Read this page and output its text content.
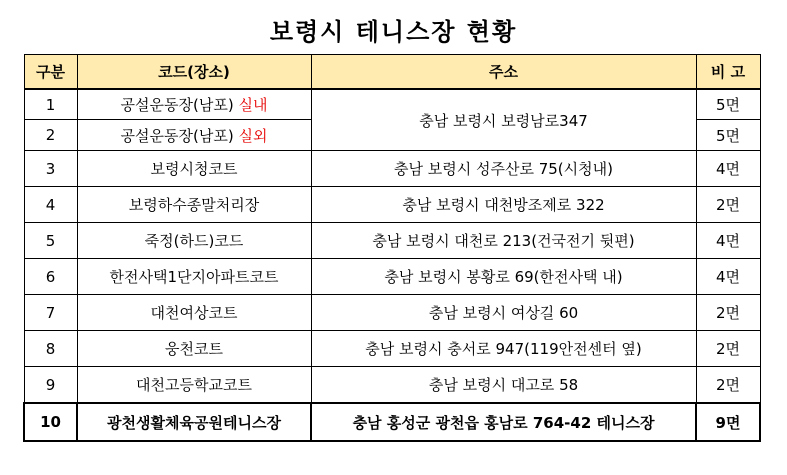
보령시 테니스장 현황
구분	코드(장소)	주소	비 고
1	공설운동장(남포) 실내	충남 보령시 보령남로347	5면
2	공설운동장(남포) 실외		5면
3	보령시청코트	충남 보령시 성주산로 75(시청내)	4면
4	보령하수종말처리장	충남 보령시 대천방조제로 322	2면
5	죽정(하드)코드	충남 보령시 대천로 213(건국전기 뒷편)	4면
6	한전사택1단지아파트코트	충남 보령시 봉황로 69(한전사택 내)	4면
7	대천여상코트	충남 보령시 여상길 60	2면
8	웅천코트	충남 보령시 충서로 947(119안전센터 옆)	2면
9	대천고등학교코트	충남 보령시 대고로 58	2면
10	광천생활체육공원테니스장	충남 홍성군 광천읍 홍남로 764-42 테니스장	9면
